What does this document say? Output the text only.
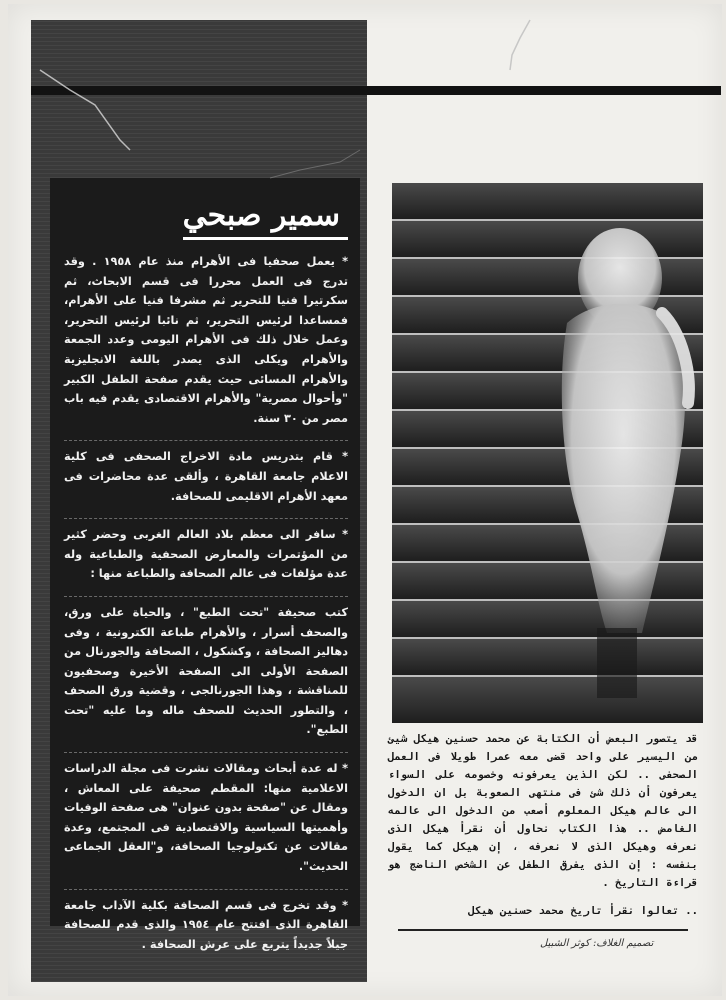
سمير صبحي

* يعمل صحفيا فى الأهرام منذ عام ١٩٥٨ . وقد تدرج فى العمل محررا فى قسم الابحاث، ثم سكرتيرا فنيا للتحرير ثم مشرفا فنيا على الأهرام، فمساعدا لرئيس التحرير، ثم نائبا لرئيس التحرير، وعمل خلال ذلك فى الأهرام اليومى وعدد الجمعة والأهرام ويكلى الذى يصدر باللغة الانجليزية والأهرام المسائى حيث يقدم صفحة الطفل الكبير "وأحوال مصرية" والأهرام الاقتصادى يقدم فيه باب مصر من ٣٠ سنة.

* قام بتدريس مادة الاخراج الصحفى فى كلية الاعلام جامعة القاهرة ، وألقى عدة محاضرات فى معهد الأهرام الاقليمى للصحافة.

* سافر الى معظم بلاد العالم الغربى وحضر كثير من المؤتمرات والمعارض الصحفية والطباعية وله عدة مؤلفات فى عالم الصحافة والطباعة منها :

كتب صحيفة "تحت الطبع" ، والحياة على ورق، والصحف أسرار ، والأهرام طباعة الكترونية ، وفى دهاليز الصحافة ، وكشكول ، الصحافة والجورنال من الصفحة الأولى الى الصفحة الأخيرة وصحفيون للمناقشة ، وهذا الجورنالجى ، وقضية ورق الصحف ، والتطور الحديث للصحف ماله وما عليه "تحت الطبع".

* له عدة أبحاث ومقالات نشرت فى مجلة الدراسات الاعلامية منها: المقطم صحيفة على المعاش ، ومقال عن "صفحة بدون عنوان" هى صفحة الوفيات وأهميتها السياسية والاقتصادية فى المجتمع، وعدة مقالات عن تكنولوجيا الصحافة، و"العقل الجماعى الحديث".

* وقد تخرج فى قسم الصحافة بكلية الآداب جامعة القاهرة الذى افتتح عام ١٩٥٤ والذى قدم للصحافة جيلاً جديداً يتربع على عرش الصحافة .

قد يتصور البعض أن الكتابة عن محمد حسنين هيكل شيئ من اليسير على واحد قضى معه عمرا طويلا فى العمل الصحفى .. لكن الذين يعرفونه وخصومه على السواء يعرفون أن ذلك شئ فى منتهى الصعوبة بل ان الدخول الى عالم هيكل المعلوم أصعب من الدخول الى عالمه الغامض .. هذا الكتاب نحاول أن نقرأ هيكل الذى نعرفه وهيكل الذى لا نعرفه ، إن هيكل كما يقول بنفسه : إن الذى يفرق الطفل عن الشخص الناضج هو قراءة التاريخ .
.. تعالوا نقرأ تاريخ محمد حسنين هيكل
تصميم الغلاف: كوثر الشبيل
